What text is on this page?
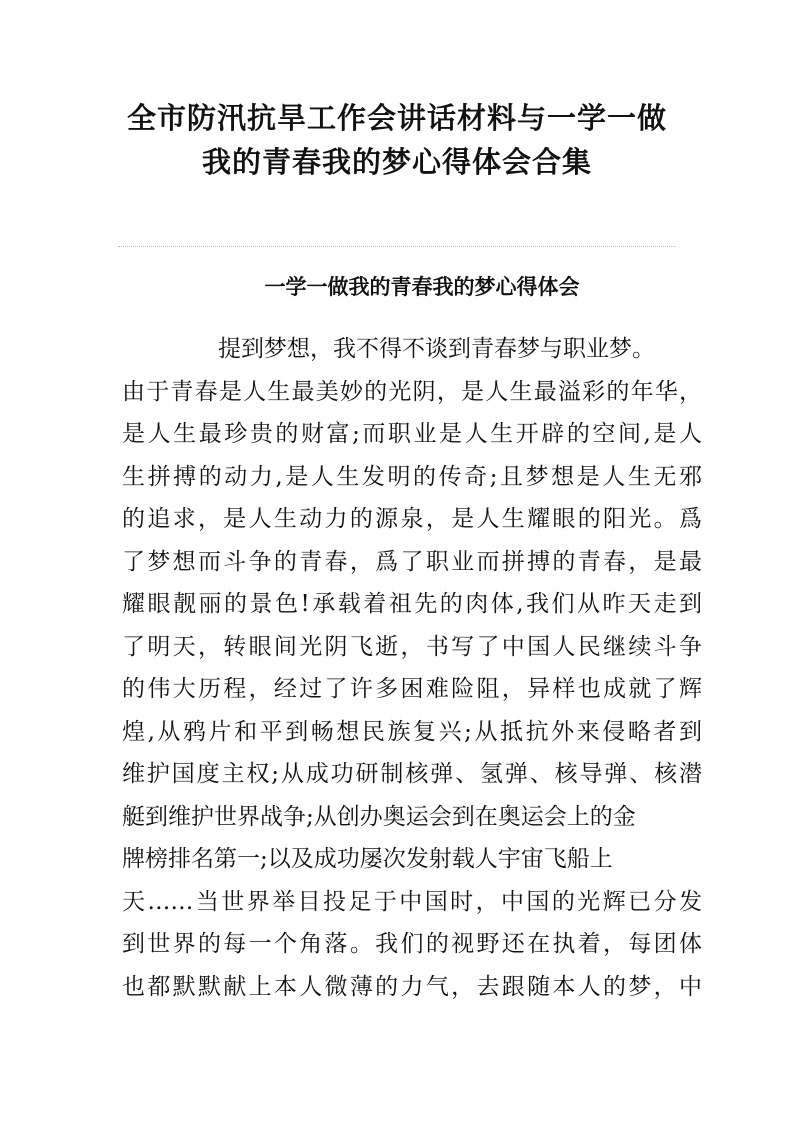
全市防汛抗旱工作会讲话材料与一学一做
我的青春我的梦心得体会合集
一学一做我的青春我的梦心得体会
提到梦想，我不得不谈到青春梦与职业梦。
由于青春是人生最美妙的光阴，是人生最溢彩的年华，
是人生最珍贵的财富;而职业是人生开辟的空间,是人
生拼搏的动力,是人生发明的传奇;且梦想是人生无邪
的追求，是人生动力的源泉，是人生耀眼的阳光。爲
了梦想而斗争的青春，爲了职业而拼搏的青春，是最
耀眼靓丽的景色!承载着祖先的肉体,我们从昨天走到
了明天，转眼间光阴飞逝，书写了中国人民继续斗争
的伟大历程，经过了许多困难险阻，异样也成就了辉
煌,从鸦片和平到畅想民族复兴;从抵抗外来侵略者到
维护国度主权;从成功研制核弹、氢弹、核导弹、核潜
艇到维护世界战争;从创办奥运会到在奥运会上的金
牌榜排名第一;以及成功屡次发射载人宇宙飞船上
天……当世界举目投足于中国时，中国的光辉已分发
到世界的每一个角落。我们的视野还在执着，每团体
也都默默献上本人微薄的力气，去跟随本人的梦，中
